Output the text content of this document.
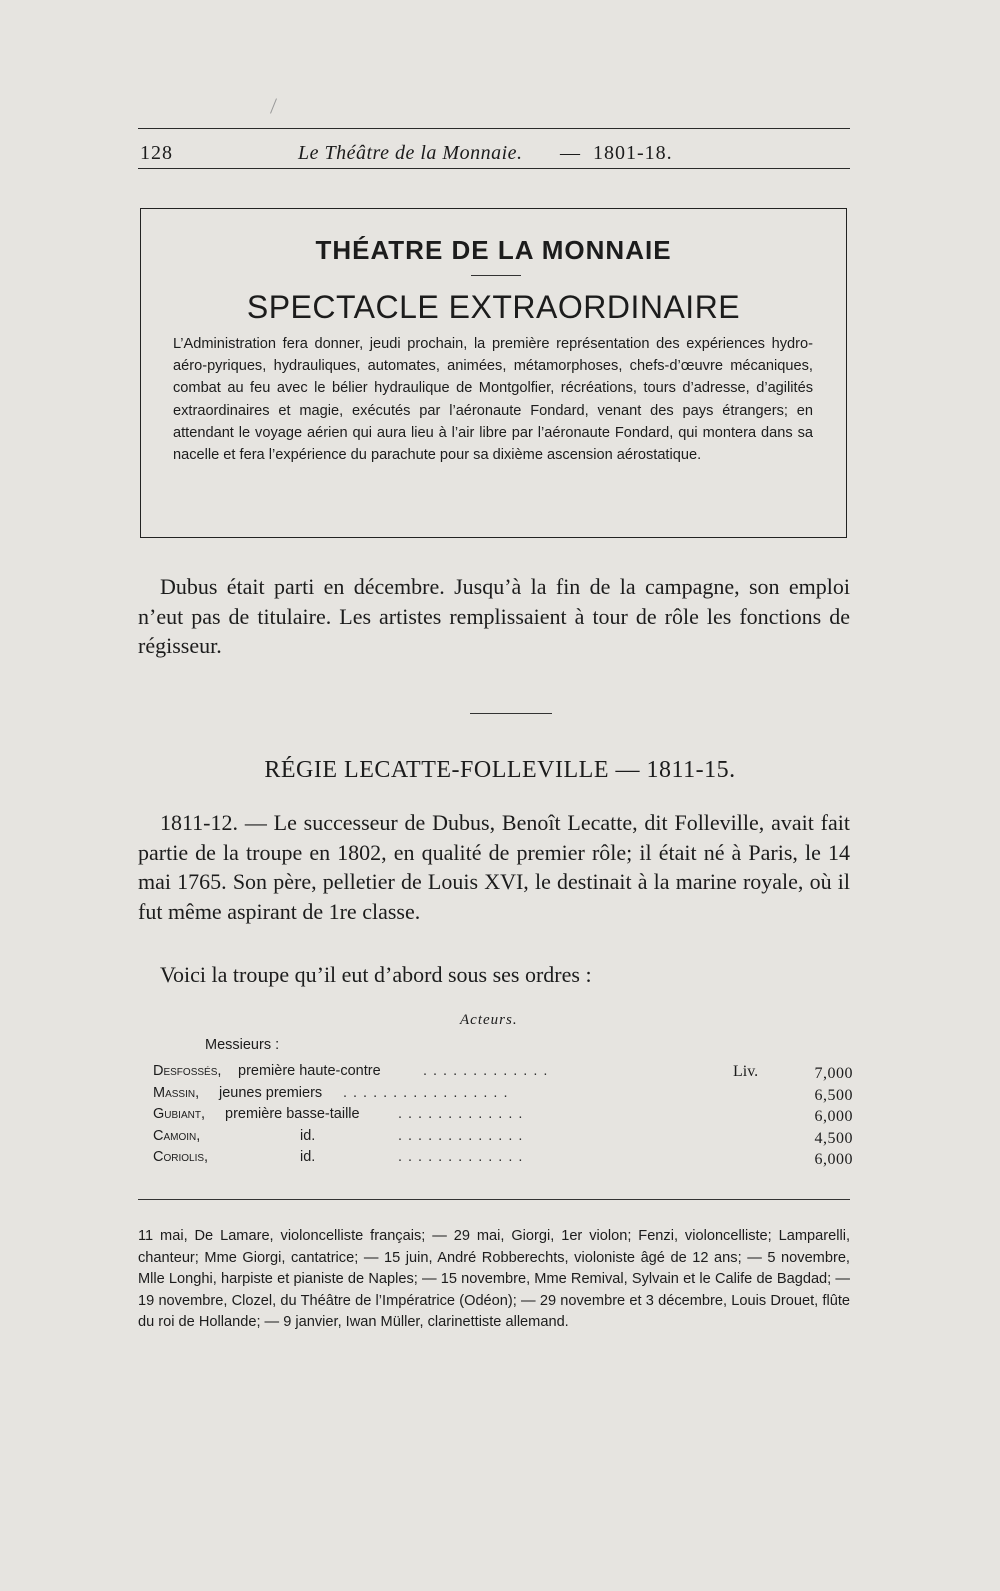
128	Le Théâtre de la Monnaie. — 1801-18.
THÉATRE DE LA MONNAIE
SPECTACLE EXTRAORDINAIRE
L’Administration fera donner, jeudi prochain, la première représentation des expériences hydro-aéro-pyriques, hydrauliques, automates, animées, métamorphoses, chefs-d’œuvre mécaniques, combat au feu avec le bélier hydraulique de Montgolfier, récréations, tours d’adresse, d’agilités extraordinaires et magie, exécutés par l’aéronaute Fondard, venant des pays étrangers; en attendant le voyage aérien qui aura lieu à l’air libre par l’aéronaute Fondard, qui montera dans sa nacelle et fera l’expérience du parachute pour sa dixième ascension aérostatique.
Dubus était parti en décembre. Jusqu’à la fin de la campagne, son emploi n’eut pas de titulaire. Les artistes remplissaient à tour de rôle les fonctions de régisseur.
RÉGIE LECATTE-FOLLEVILLE — 1811-15.
1811-12. — Le successeur de Dubus, Benoît Lecatte, dit Folleville, avait fait partie de la troupe en 1802, en qualité de premier rôle; il était né à Paris, le 14 mai 1765. Son père, pelletier de Louis XVI, le destinait à la marine royale, où il fut même aspirant de 1re classe.
Voici la troupe qu’il eut d’abord sous ses ordres :
Acteurs.
Messieurs :
Desfossés, première haute-contre	.............	Liv.	7,000
Massin, jeunes premiers .................	6,500
Gubiant, première basse-taille	.............	6,000
Camoin,	id.	.............	4,500
Coriolis,	id.	.............	6,000
11 mai, De Lamare, violoncelliste français; — 29 mai, Giorgi, 1er violon; Fenzi, violoncelliste; Lamparelli, chanteur; Mme Giorgi, cantatrice; — 15 juin, André Robberechts, violoniste âgé de 12 ans; — 5 novembre, Mlle Longhi, harpiste et pianiste de Naples; — 15 novembre, Mme Remival, Sylvain et le Calife de Bagdad; — 19 novembre, Clozel, du Théâtre de l’Impératrice (Odéon); — 29 novembre et 3 décembre, Louis Drouet, flûte du roi de Hollande; — 9 janvier, Iwan Müller, clarinettiste allemand.
